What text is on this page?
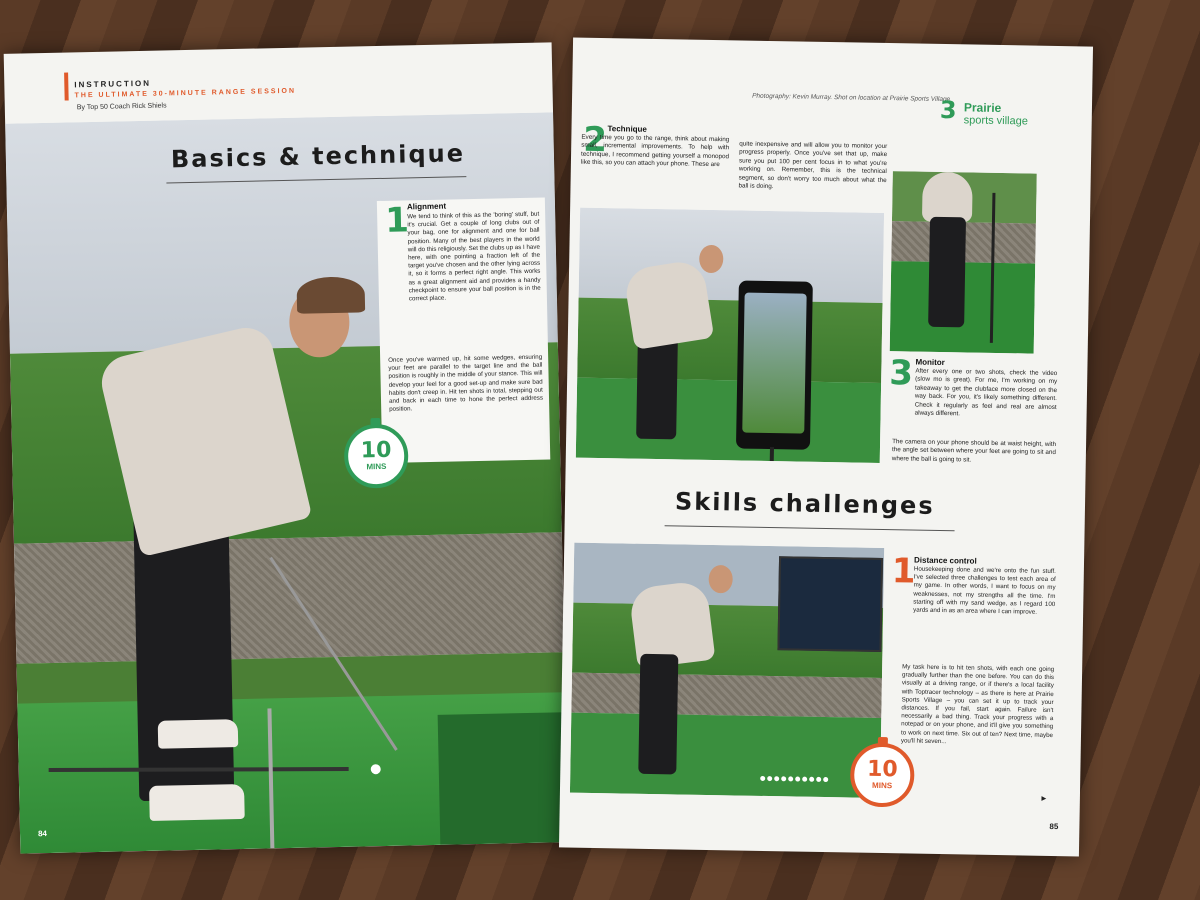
INSTRUCTION
THE ULTIMATE 30-MINUTE RANGE SESSION
By Top 50 Coach Rick Shiels
Basics & technique
1
Alignment
We tend to think of this as the 'boring' stuff, but it's crucial. Get a couple of long clubs out of your bag, one for alignment and one for ball position. Many of the best players in the world will do this religiously. Set the clubs up as I have here, with one pointing a fraction left of the target you've chosen and the other lying across it, so it forms a perfect right angle. This works as a great alignment aid and provides a handy checkpoint to ensure your ball position is in the correct place.
Once you've warmed up, hit some wedges, ensuring your feet are parallel to the target line and the ball position is roughly in the middle of your stance. This will develop your feel for a good set-up and make sure bad habits don't creep in. Hit ten shots in total, stepping out and back in each time to hone the perfect address position.
10
MINS
84
Photography: Kevin Murray. Shot on location at Prairie Sports Village
3 Prairie
sports village
2 Technique
Every time you go to the range, think about making small, incremental improvements. To help with technique, I recommend getting yourself a monopod like this, so you can attach your phone. These are
quite inexpensive and will allow you to monitor your progress properly. Once you've set that up, make sure you put 100 per cent focus in to what you're working on. Remember, this is the technical segment, so don't worry too much about what the ball is doing.
3 Monitor
After every one or two shots, check the video (slow mo is great). For me, I'm working on my takeaway to get the clubface more closed on the way back. For you, it's likely something different. Check it regularly as feel and real are almost always different.
The camera on your phone should be at waist height, with the angle set between where your feet are going to sit and where the ball is going to sit.
Skills challenges
1
Distance control
Housekeeping done and we're onto the fun stuff. I've selected three challenges to test each area of my game. In other words, I want to focus on my weaknesses, not my strengths all the time. I'm starting off with my sand wedge, as I regard 100 yards and in as an area where I can improve.
My task here is to hit ten shots, with each one going gradually further than the one before. You can do this visually at a driving range, or if there's a local facility with Toptracer technology – as there is here at Prairie Sports Village – you can set it up to track your distances. If you fail, start again. Failure isn't necessarily a bad thing. Track your progress with a notepad or on your phone, and it'll give you something to work on next time. Six out of ten? Next time, maybe you'll hit seven...
10
MINS
►
85
